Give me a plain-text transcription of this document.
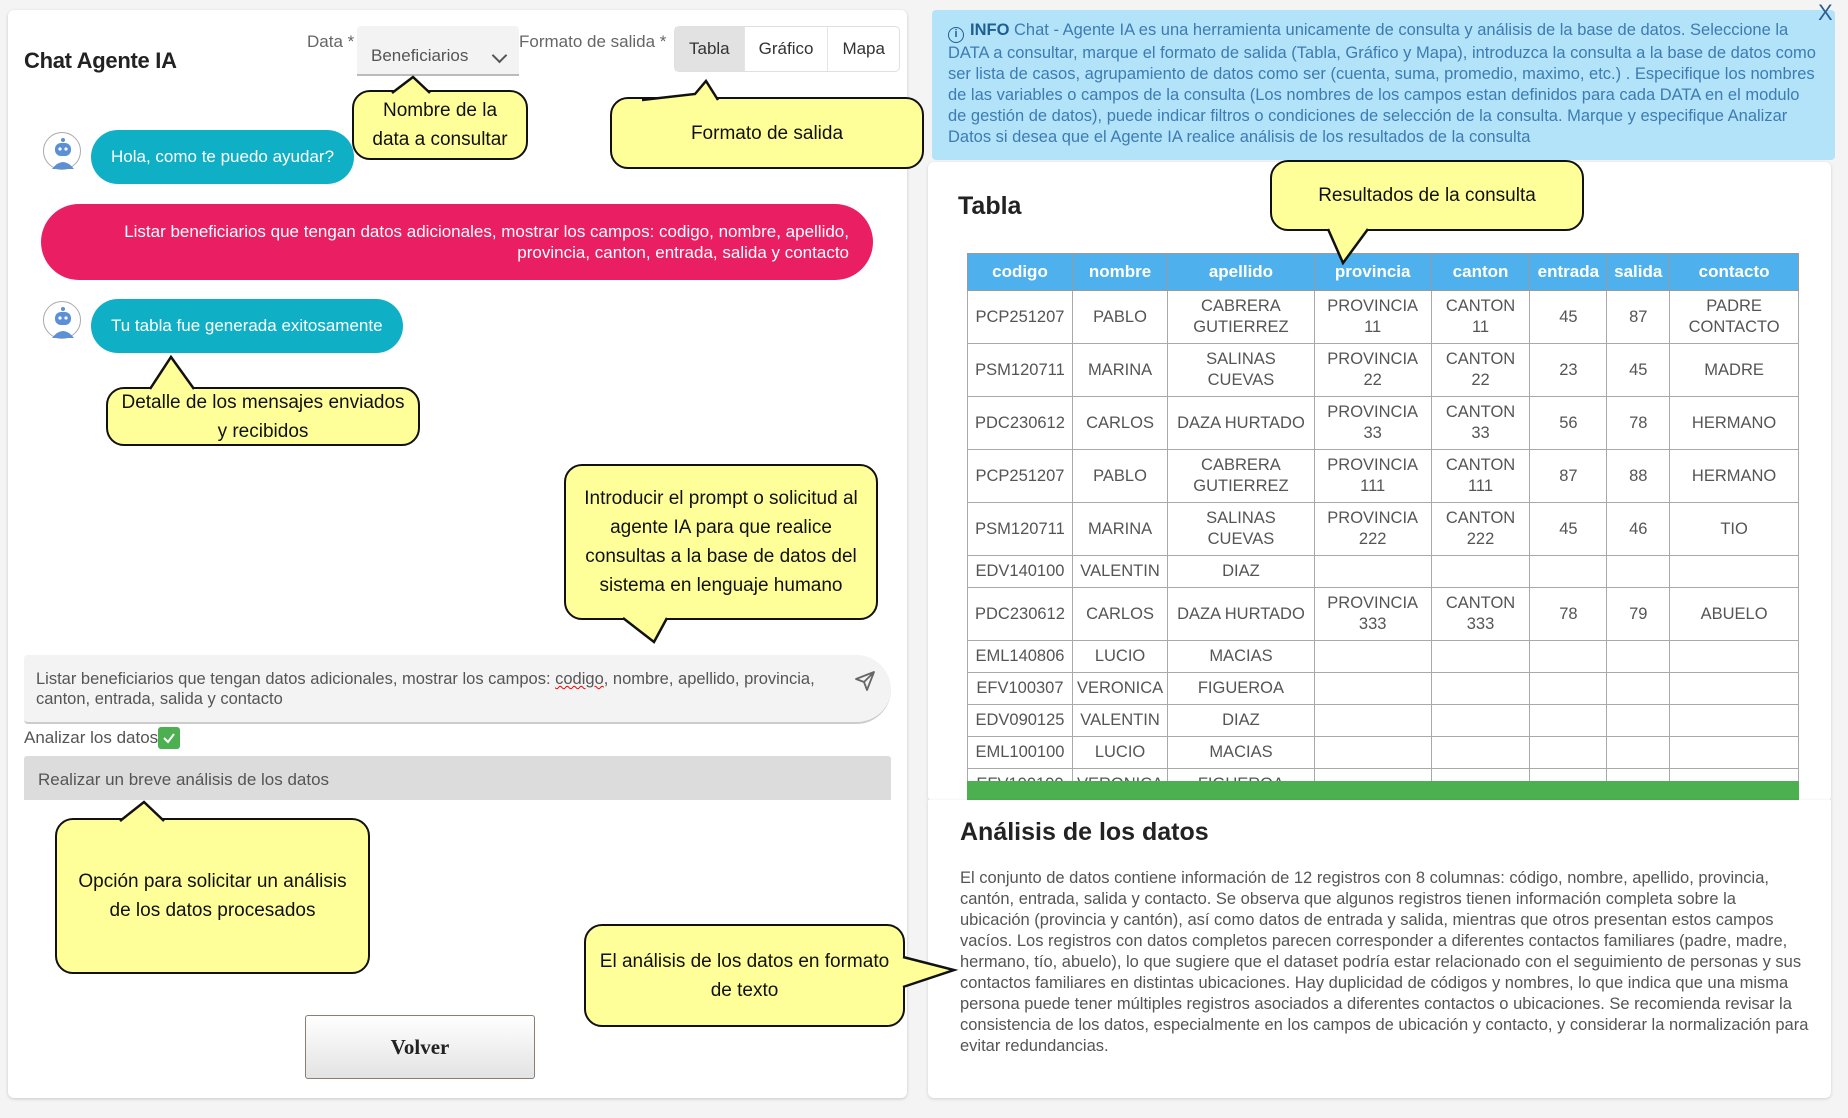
Chat Agente IA
Data *
Beneficiarios
Formato de salida *	Tabla	Gráfico	Mapa
Hola, como te puedo ayudar?
Listar beneficiarios que tengan datos adicionales, mostrar los campos: codigo, nombre, apellido,
provincia, canton, entrada, salida y contacto
Tu tabla fue generada exitosamente
Listar beneficiarios que tengan datos adicionales, mostrar los campos: codigo, nombre, apellido, provincia, canton, entrada, salida y contacto
Analizar los datos
Realizar un breve análisis de los datos
Volver
i INFO Chat - Agente IA es una herramienta unicamente de consulta y análisis de la base de datos. Seleccione la DATA a consultar, marque el formato de salida (Tabla, Gráfico y Mapa), introduzca la consulta a la base de datos como ser lista de casos, agrupamiento de datos como ser (cuenta, suma, promedio, maximo, etc.) . Especifique los nombres de las variables o campos de la consulta (Los nombres de los campos estan definidos para cada DATA en el modulo de gestión de datos), puede indicar filtros o condiciones de selección de la consulta. Marque y especifique Analizar Datos si desea que el Agente IA realice análisis de los resultados de la consulta
X
Tabla
codigo	nombre	apellido	provincia	canton	entrada	salida	contacto
PCP251207	PABLO	CABRERA GUTIERREZ	PROVINCIA 11	CANTON 11	45	87	PADRE CONTACTO
PSM120711	MARINA	SALINAS CUEVAS	PROVINCIA 22	CANTON 22	23	45	MADRE
PDC230612	CARLOS	DAZA HURTADO	PROVINCIA 33	CANTON 33	56	78	HERMANO
PCP251207	PABLO	CABRERA GUTIERREZ	PROVINCIA 111	CANTON 111	87	88	HERMANO
PSM120711	MARINA	SALINAS CUEVAS	PROVINCIA 222	CANTON 222	45	46	TIO
EDV140100	VALENTIN	DIAZ					
PDC230612	CARLOS	DAZA HURTADO	PROVINCIA 333	CANTON 333	78	79	ABUELO
EML140806	LUCIO	MACIAS					
EFV100307	VERONICA	FIGUEROA					
EDV090125	VALENTIN	DIAZ					
EML100100	LUCIO	MACIAS					

Análisis de los datos
El conjunto de datos contiene información de 12 registros con 8 columnas: código, nombre, apellido, provincia, cantón, entrada, salida y contacto. Se observa que algunos registros tienen información completa sobre la ubicación (provincia y cantón), así como datos de entrada y salida, mientras que otros presentan estos campos vacíos. Los registros con datos completos parecen corresponder a diferentes contactos familiares (padre, madre, hermano, tío, abuelo), lo que sugiere que el dataset podría estar relacionado con el seguimiento de personas y sus contactos familiares en distintas ubicaciones. Hay duplicidad de códigos y nombres, lo que indica que una misma persona puede tener múltiples registros asociados a diferentes contactos o ubicaciones. Se recomienda revisar la consistencia de los datos, especialmente en los campos de ubicación y contacto, y considerar la normalización para evitar redundancias.
Nombre de la data a consultar	Formato de salida
Detalle de los mensajes enviados y recibidos
Introducir el prompt o solicitud al agente IA para que realice consultas a la base de datos del sistema en lenguaje humano
Opción para solicitar un análisis de los datos procesados
El análisis de los datos en formato de texto
Resultados de la consulta
